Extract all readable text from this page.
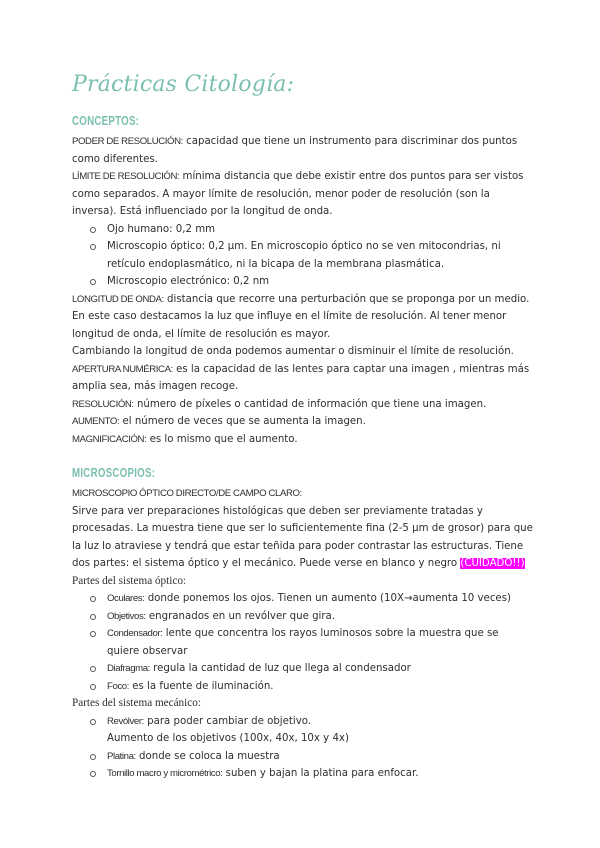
Prácticas Citología:
CONCEPTOS:

PODER DE RESOLUCIÓN: capacidad que tiene un instrumento para discriminar dos puntos como diferentes.

LÍMITE DE RESOLUCIÓN: mínima distancia que debe existir entre dos puntos para ser vistos como separados. A mayor límite de resolución, menor poder de resolución (son la inversa). Está influenciado por la longitud de onda.

Ojo humano: 0,2 mm
Microscopio óptico: 0,2 μm. En microscopio óptico no se ven mitocondrias, ni retículo endoplasmático, ni la bicapa de la membrana plasmática.
Microscopio electrónico: 0,2 nm

LONGITUD DE ONDA: distancia que recorre una perturbación que se proponga por un medio. En este caso destacamos la luz que influye en el límite de resolución. Al tener menor longitud de onda, el límite de resolución es mayor.

Cambiando la longitud de onda podemos aumentar o disminuir el límite de resolución.

APERTURA NUMÉRICA: es la capacidad de las lentes para captar una imagen , mientras más amplia sea, más imagen recoge.

RESOLUCIÓN: número de píxeles o cantidad de información que tiene una imagen.

AUMENTO: el número de veces que se aumenta la imagen.

MAGNIFICACIÓN: es lo mismo que el aumento.

MICROSCOPIOS:

MICROSCOPIO ÓPTICO DIRECTO/DE CAMPO CLARO:

Sirve para ver preparaciones histológicas que deben ser previamente tratadas y procesadas. La muestra tiene que ser lo suficientemente fina (2-5 μm de grosor) para que la luz lo atraviese y tendrá que estar teñida para poder contrastar las estructuras. Tiene dos partes: el sistema óptico y el mecánico. Puede verse en blanco y negro (CUIDADO!!)

Partes del sistema óptico:

Oculares: donde ponemos los ojos. Tienen un aumento (10X→aumenta 10 veces)
Objetivos: engranados en un revólver que gira.
Condensador: lente que concentra los rayos luminosos sobre la muestra que se quiere observar
Diafragma: regula la cantidad de luz que llega al condensador
Foco: es la fuente de iluminación.

Partes del sistema mecánico:

Revólver: para poder cambiar de objetivo.
Aumento de los objetivos (100x, 40x, 10x y 4x)
Platina: donde se coloca la muestra
Tornillo macro y micrométrico: suben y bajan la platina para enfocar.
